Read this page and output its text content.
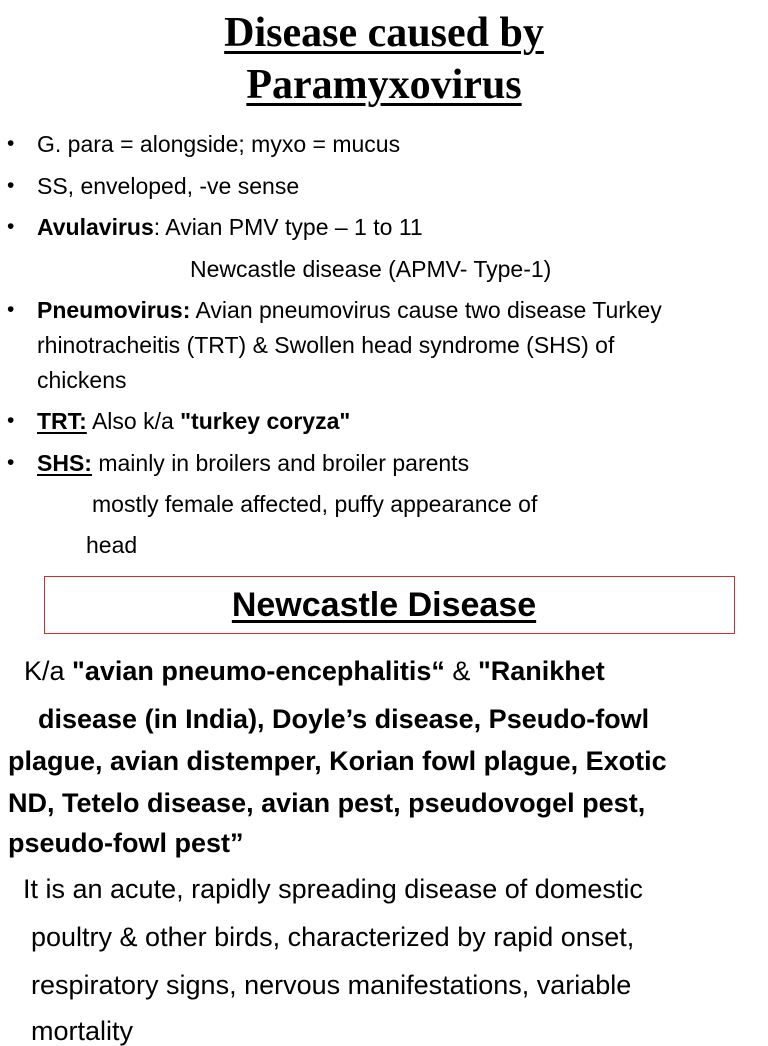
Disease caused by
Paramyxovirus
• G. para = alongside; myxo = mucus

• SS, enveloped, -ve sense

• Avulavirus: Avian PMV type – 1 to 11

Newcastle disease (APMV- Type-1)

• Pneumovirus: Avian pneumovirus cause two disease Turkey

rhinotracheitis (TRT) & Swollen head syndrome (SHS) of

chickens

• TRT: Also k/a "turkey coryza"

• SHS: mainly in broilers and broiler parents

mostly female affected, puffy appearance of

head

Newcastle Disease

K/a "avian pneumo-encephalitis“ & "Ranikhet

disease (in India), Doyle’s disease, Pseudo-fowl

plague, avian distemper, Korian fowl plague, Exotic

ND, Tetelo disease, avian pest, pseudovogel pest,

pseudo-fowl pest”

It is an acute, rapidly spreading disease of domestic

poultry & other birds, characterized by rapid onset,

respiratory signs, nervous manifestations, variable

mortality
